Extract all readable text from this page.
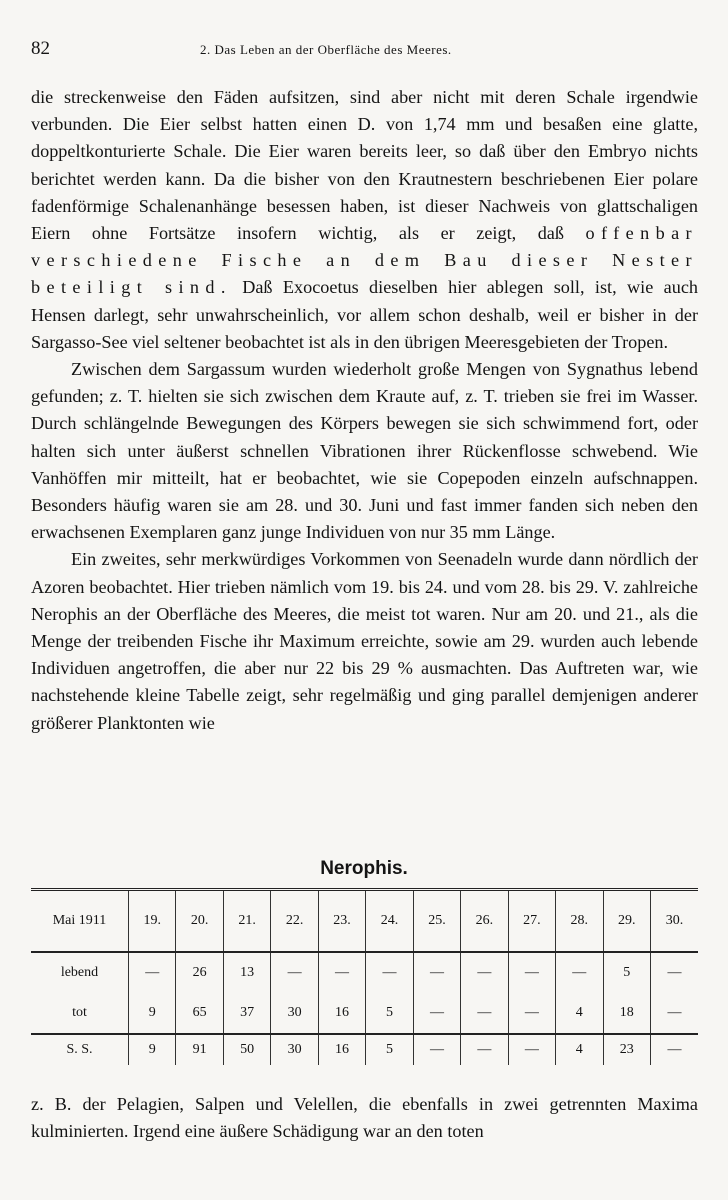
82	2. Das Leben an der Oberfläche des Meeres.

die streckenweise den Fäden aufsitzen, sind aber nicht mit deren Schale irgendwie verbunden. Die Eier selbst hatten einen D. von 1,74 mm und besaßen eine glatte, doppeltkonturierte Schale. Die Eier waren bereits leer, so daß über den Embryo nichts berichtet werden kann. Da die bisher von den Krautnestern beschriebenen Eier polare fadenförmige Schalenanhänge besessen haben, ist dieser Nachweis von glattschaligen Eiern ohne Fortsätze insofern wichtig, als er zeigt, daß offenbar verschiedene Fische an dem Bau dieser Nester beteiligt sind. Daß Exocoetus dieselben hier ablegen soll, ist, wie auch Hensen darlegt, sehr unwahrscheinlich, vor allem schon deshalb, weil er bisher in der Sargasso-See viel seltener beobachtet ist als in den übrigen Meeresgebieten der Tropen.

Zwischen dem Sargassum wurden wiederholt große Mengen von Sygnathus lebend gefunden; z. T. hielten sie sich zwischen dem Kraute auf, z. T. trieben sie frei im Wasser. Durch schlängelnde Bewegungen des Körpers bewegen sie sich schwimmend fort, oder halten sich unter äußerst schnellen Vibrationen ihrer Rückenflosse schwebend. Wie Vanhöffen mir mitteilt, hat er beobachtet, wie sie Copepoden einzeln aufschnappen. Besonders häufig waren sie am 28. und 30. Juni und fast immer fanden sich neben den erwachsenen Exemplaren ganz junge Individuen von nur 35 mm Länge.

Ein zweites, sehr merkwürdiges Vorkommen von Seenadeln wurde dann nördlich der Azoren beobachtet. Hier trieben nämlich vom 19. bis 24. und vom 28. bis 29. V. zahlreiche Nerophis an der Oberfläche des Meeres, die meist tot waren. Nur am 20. und 21., als die Menge der treibenden Fische ihr Maximum erreichte, sowie am 29. wurden auch lebende Individuen angetroffen, die aber nur 22 bis 29 % ausmachten. Das Auftreten war, wie nachstehende kleine Tabelle zeigt, sehr regelmäßig und ging parallel demjenigen anderer größerer Planktonten wie

Nerophis.
Mai 1911	19.	20.	21.	22.	23.	24.	25.	26.	27.	28.	29.	30.
lebend	—	26	13	—	—	—	—	—	—	—	5	—
tot	9	65	37	30	16	5	—	—	—	4	18	—
S. S.	9	91	50	30	16	5	—	—	—	4	23	—

z. B. der Pelagien, Salpen und Velellen, die ebenfalls in zwei getrennten Maxima kulminierten. Irgend eine äußere Schädigung war an den toten
